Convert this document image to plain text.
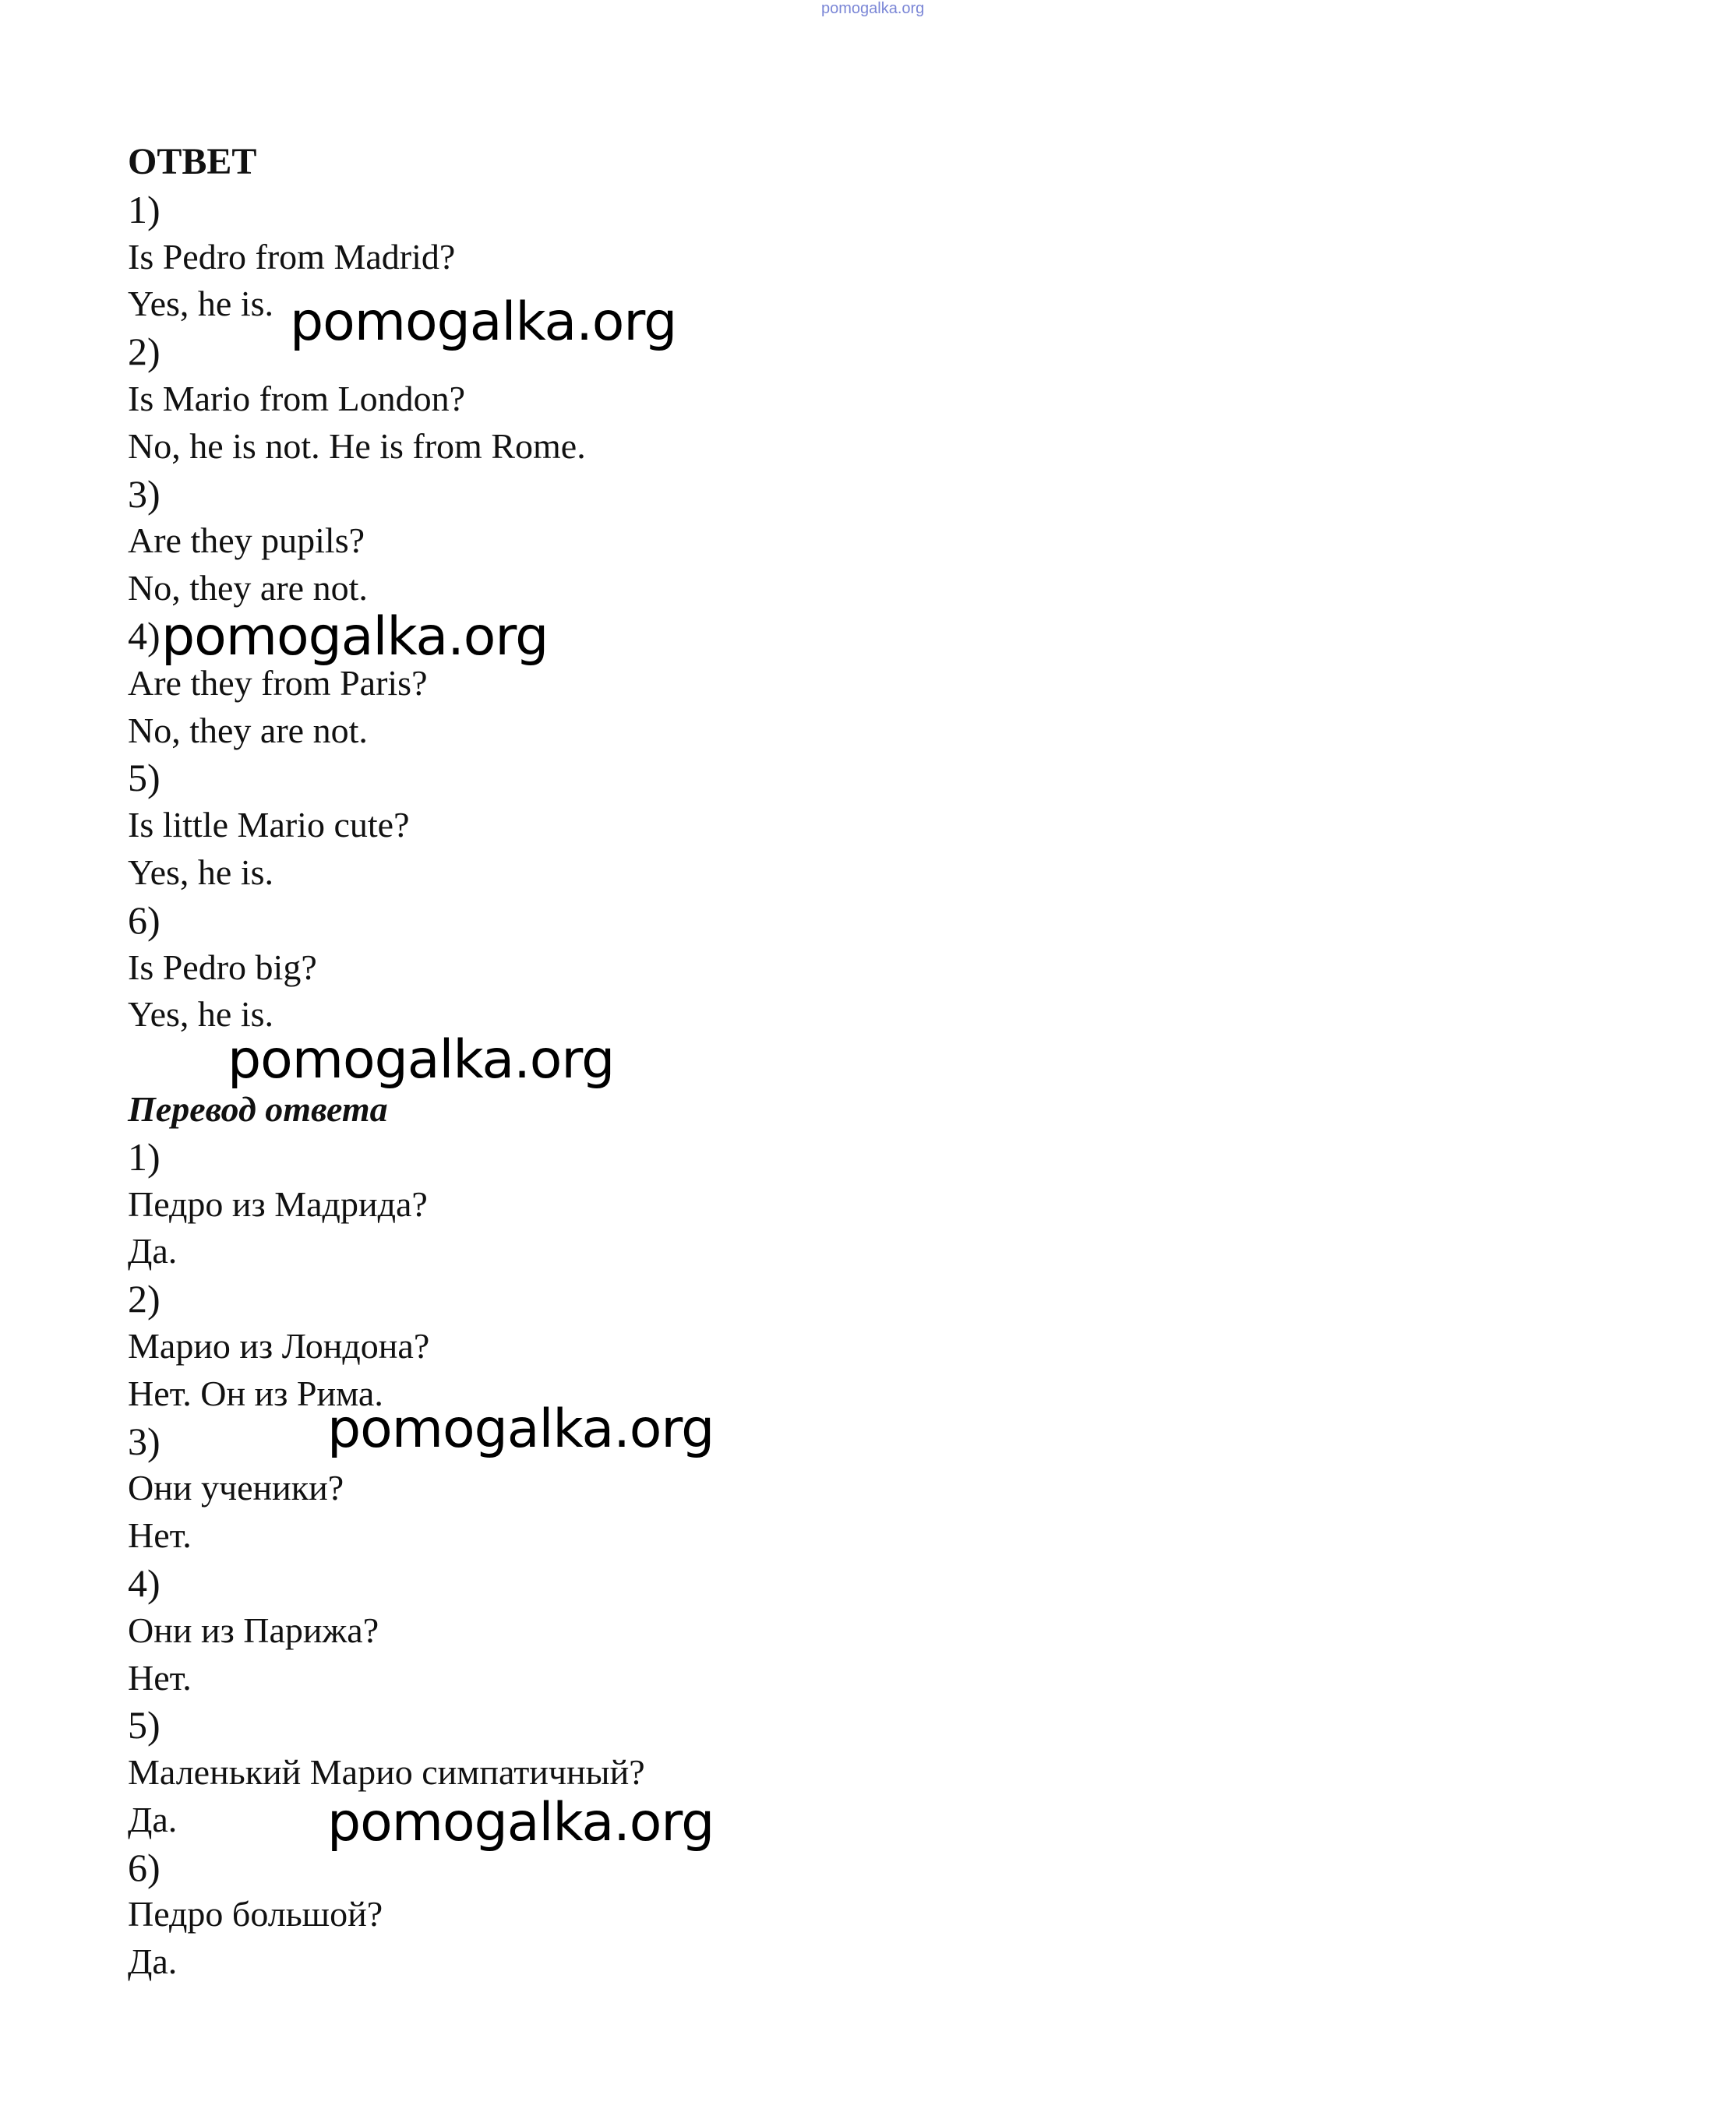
pomogalka.org
ОТВЕТ
1)
Is Pedro from Madrid?
Yes, he is.
2)
Is Mario from London?
No, he is not. He is from Rome.
3)
Are they pupils?
No, they are not.
4)
Are they from Paris?
No, they are not.
5)
Is little Mario cute?
Yes, he is.
6)
Is Pedro big?
Yes, he is.
Перевод ответа
1)
Педро из Мадрида?
Да.
2)
Марио из Лондона?
Нет. Он из Рима.
3)
Они ученики?
Нет.
4)
Они из Парижа?
Нет.
5)
Маленький Марио симпатичный?
Да.
6)
Педро большой?
Да.
pomogalka.org
pomogalka.org
pomogalka.org
pomogalka.org
pomogalka.org
